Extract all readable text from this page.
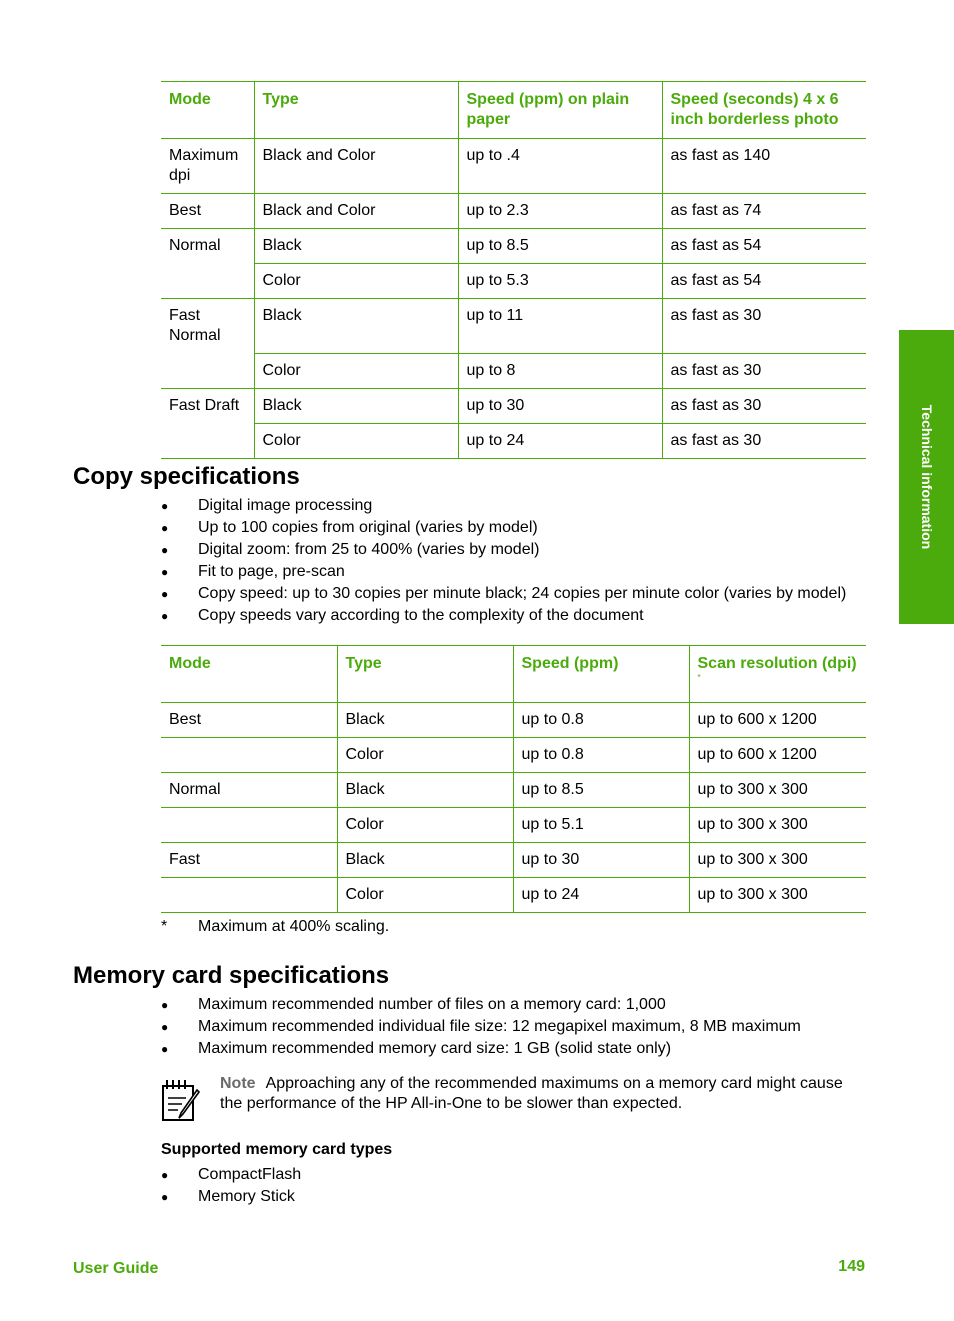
Mode	Type	Speed (ppm) on plain paper	Speed (seconds) 4 x 6 inch borderless photo
Maximum dpi	Black and Color	up to .4	as fast as 140
Best	Black and Color	up to 2.3	as fast as 74
Normal	Black	up to 8.5	as fast as 54
	Color	up to 5.3	as fast as 54
Fast Normal	Black	up to 11	as fast as 30
	Color	up to 8	as fast as 30
Fast Draft	Black	up to 30	as fast as 30
	Color	up to 24	as fast as 30
Copy specifications
● Digital image processing
● Up to 100 copies from original (varies by model)
● Digital zoom: from 25 to 400% (varies by model)
● Fit to page, pre-scan
● Copy speed: up to 30 copies per minute black; 24 copies per minute color (varies by model)
● Copy speeds vary according to the complexity of the document
Mode	Type	Speed (ppm)	Scan resolution (dpi)
*

Best	Black	up to 0.8	up to 600 x 1200
	Color	up to 0.8	up to 600 x 1200
Normal	Black	up to 8.5	up to 300 x 300
	Color	up to 5.1	up to 300 x 300
Fast	Black	up to 30	up to 300 x 300
	Color	up to 24	up to 300 x 300
* Maximum at 400% scaling.
Memory card specifications
● Maximum recommended number of files on a memory card: 1,000
● Maximum recommended individual file size: 12 megapixel maximum, 8 MB maximum
● Maximum recommended memory card size: 1 GB (solid state only)
Note Approaching any of the recommended maximums on a memory card might cause the performance of the HP All-in-One to be slower than expected.
Supported memory card types
● CompactFlash
● Memory Stick
Technical information
User Guide	149
